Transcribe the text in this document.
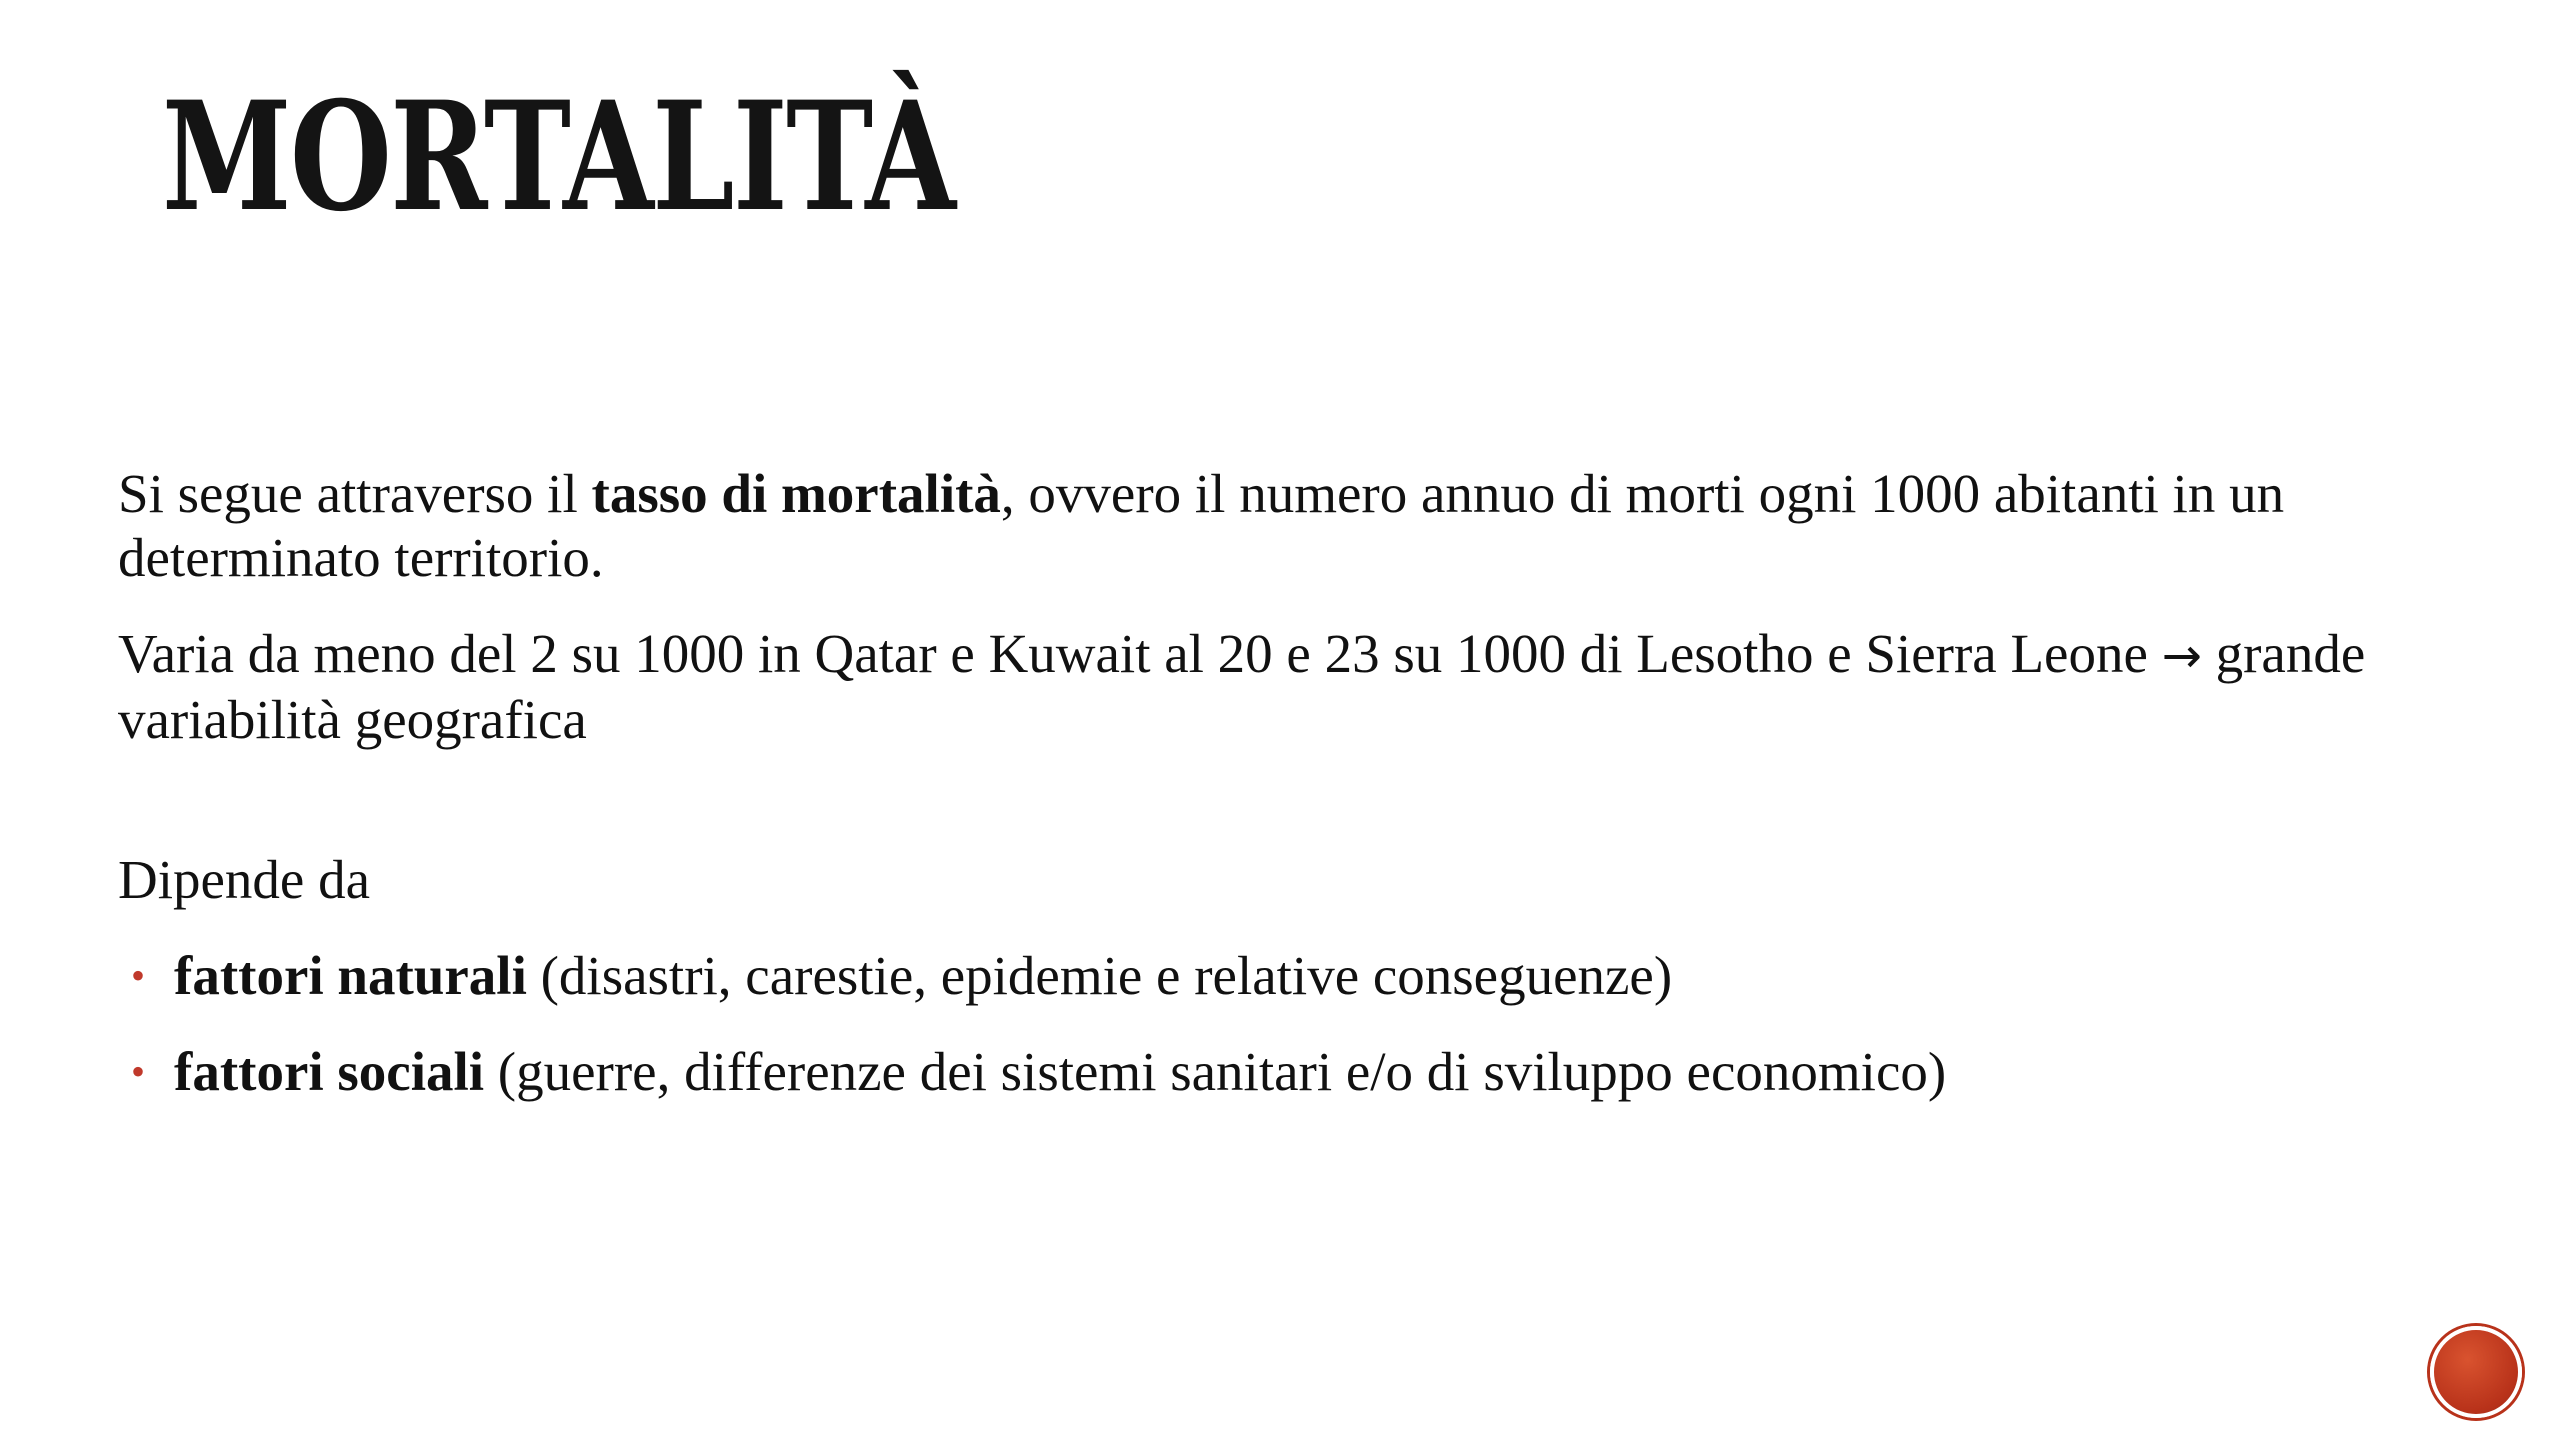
MORTALITÀ

Si segue attraverso il tasso di mortalità, ovvero il numero annuo di morti ogni 1000 abitanti in un determinato territorio.

Varia da meno del 2 su 1000 in Qatar e Kuwait al 20 e 23 su 1000 di Lesotho e Sierra Leone → grande variabilità geografica

Dipende da

• fattori naturali (disastri, carestie, epidemie e relative conseguenze)
• fattori sociali (guerre, differenze dei sistemi sanitari e/o di sviluppo economico)
